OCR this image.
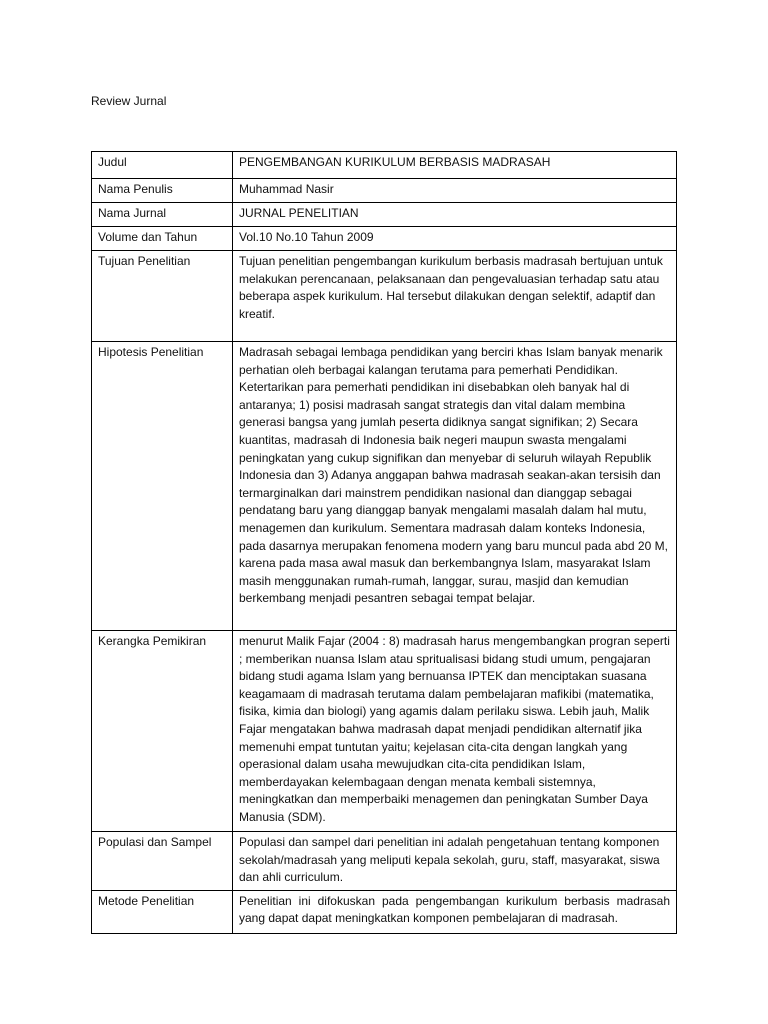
Review Jurnal
Judul	PENGEMBANGAN KURIKULUM BERBASIS MADRASAH
Nama Penulis	Muhammad Nasir
Nama Jurnal	JURNAL PENELITIAN
Volume dan Tahun	Vol.10 No.10 Tahun 2009
Tujuan Penelitian	Tujuan penelitian pengembangan kurikulum berbasis madrasah bertujuan untuk melakukan perencanaan, pelaksanaan dan pengevaluasian terhadap satu atau beberapa aspek kurikulum. Hal tersebut dilakukan dengan selektif, adaptif dan kreatif.
Hipotesis Penelitian	Madrasah sebagai lembaga pendidikan yang berciri khas Islam banyak menarik perhatian oleh berbagai kalangan terutama para pemerhati Pendidikan. Ketertarikan para pemerhati pendidikan ini disebabkan oleh banyak hal di antaranya; 1) posisi madrasah sangat strategis dan vital dalam membina generasi bangsa yang jumlah peserta didiknya sangat signifikan; 2) Secara kuantitas, madrasah di Indonesia baik negeri maupun swasta mengalami peningkatan yang cukup signifikan dan menyebar di seluruh wilayah Republik Indonesia dan 3) Adanya anggapan bahwa madrasah seakan-akan tersisih dan termarginalkan dari mainstrem pendidikan nasional dan dianggap sebagai pendatang baru yang dianggap banyak mengalami masalah dalam hal mutu, menagemen dan kurikulum. Sementara madrasah dalam konteks Indonesia, pada dasarnya merupakan fenomena modern yang baru muncul pada abd 20 M, karena pada masa awal masuk dan berkembangnya Islam, masyarakat Islam masih menggunakan rumah-rumah, langgar, surau, masjid dan kemudian berkembang menjadi pesantren sebagai tempat belajar.
Kerangka Pemikiran	menurut Malik Fajar (2004 : 8) madrasah harus mengembangkan progran seperti ; memberikan nuansa Islam atau spritualisasi bidang studi umum, pengajaran bidang studi agama Islam yang bernuansa IPTEK dan menciptakan suasana keagamaam di madrasah terutama dalam pembelajaran mafikibi (matematika, fisika, kimia dan biologi) yang agamis dalam perilaku siswa. Lebih jauh, Malik Fajar mengatakan bahwa madrasah dapat menjadi pendidikan alternatif jika memenuhi empat tuntutan yaitu; kejelasan cita-cita dengan langkah yang operasional dalam usaha mewujudkan cita-cita pendidikan Islam, memberdayakan kelembagaan dengan menata kembali sistemnya, meningkatkan dan memperbaiki menagemen dan peningkatan Sumber Daya Manusia (SDM).
Populasi dan Sampel	Populasi dan sampel dari penelitian ini adalah pengetahuan tentang komponen sekolah/madrasah yang meliputi kepala sekolah, guru, staff, masyarakat, siswa dan ahli curriculum.
Metode Penelitian	Penelitian ini difokuskan pada pengembangan kurikulum berbasis madrasah yang dapat dapat meningkatkan komponen pembelajaran di madrasah.
